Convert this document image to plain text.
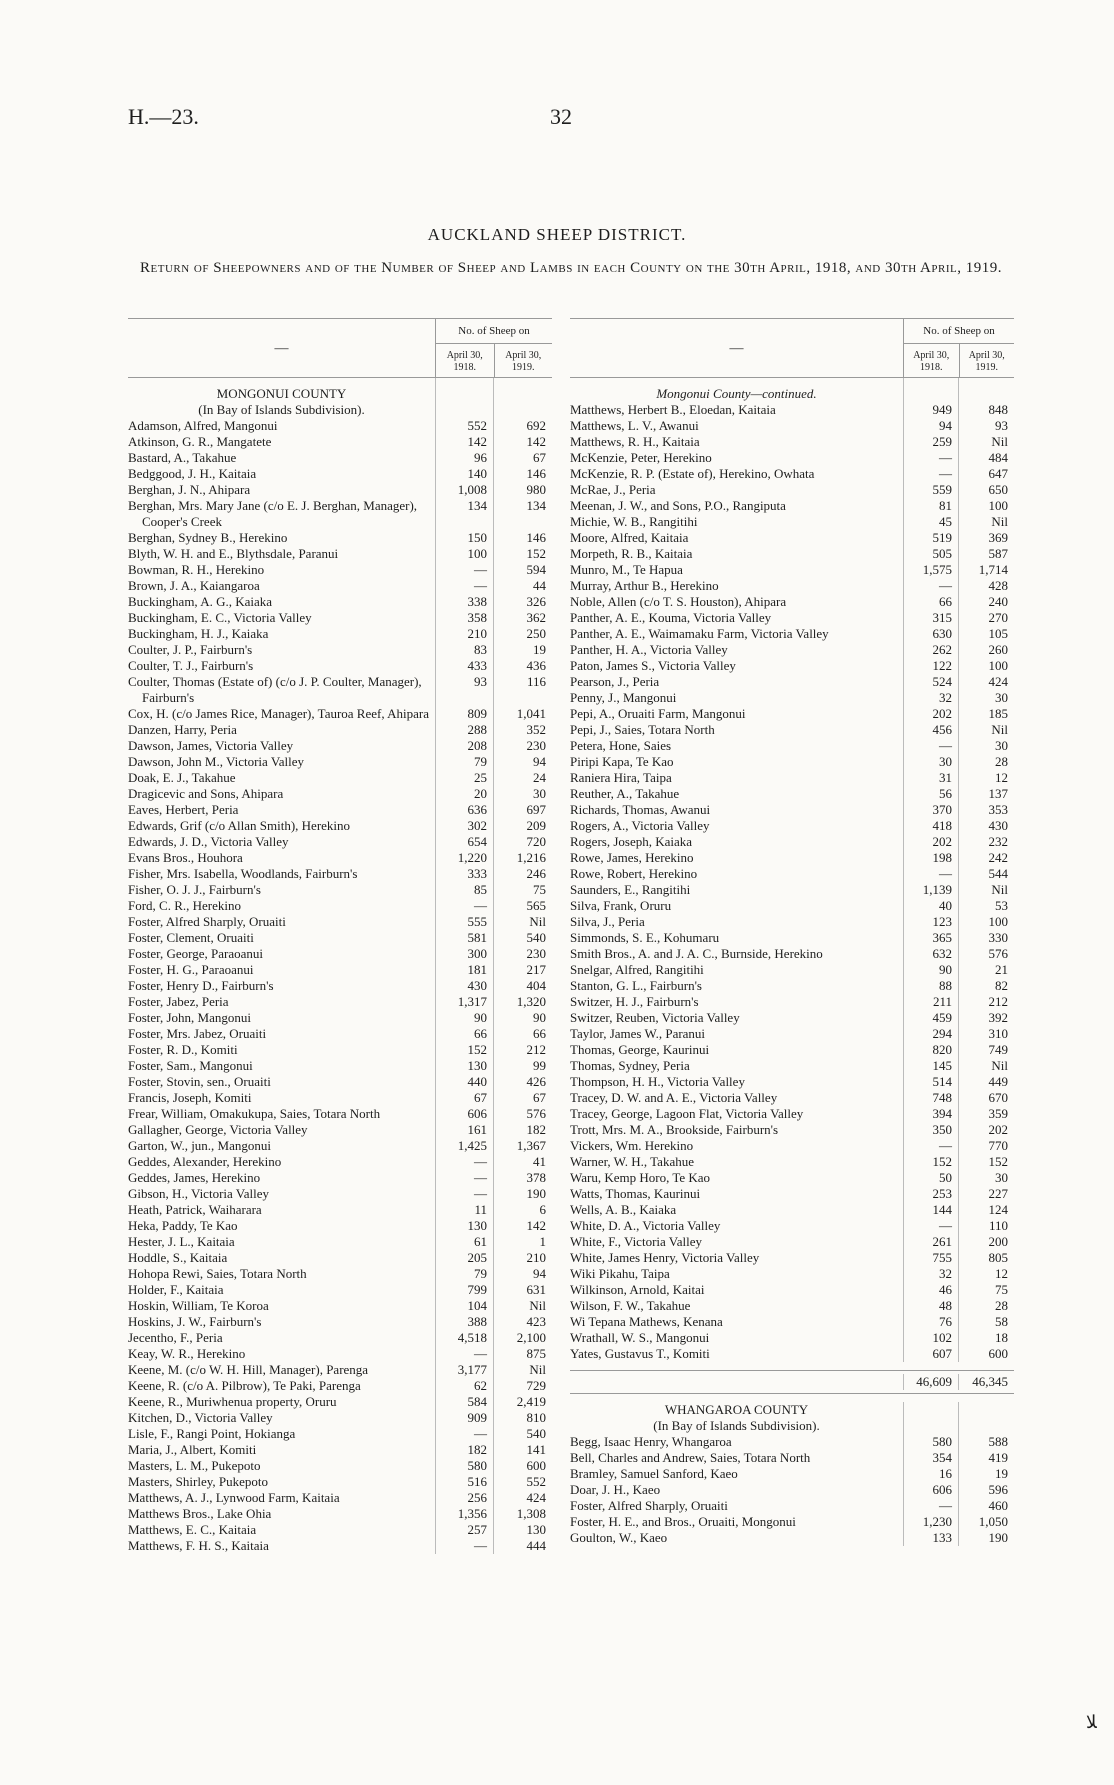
H.—23.	32
AUCKLAND SHEEP DISTRICT.
Return of Sheepowners and of the Number of Sheep and Lambs in each County on the 30th April, 1918, and 30th April, 1919.
—
No. of Sheep on
April 30, 1918.
April 30, 1919.
MONGONUI COUNTY
(In Bay of Islands Subdivision).
Adamson, Alfred, Mangonui	552	692
Atkinson, G. R., Mangatete	142	142
Bastard, A., Takahue	96	67
Bedggood, J. H., Kaitaia	140	146
Berghan, J. N., Ahipara	1,008	980
Berghan, Mrs. Mary Jane (c/o E. J. Berghan, Manager), Cooper's Creek
134	134
Berghan, Sydney B., Herekino	150	146
Blyth, W. H. and E., Blythsdale, Paranui	100	152
Bowman, R. H., Herekino	—	594
Brown, J. A., Kaiangaroa	—	44
Buckingham, A. G., Kaiaka	338	326
Buckingham, E. C., Victoria Valley	358	362
Buckingham, H. J., Kaiaka	210	250
Coulter, J. P., Fairburn's	83	19
Coulter, T. J., Fairburn's	433	436
Coulter, Thomas (Estate of) (c/o J. P. Coulter, Manager), Fairburn's
93	116
Cox, H. (c/o James Rice, Manager), Tauroa Reef, Ahipara	809	1,041
Danzen, Harry, Peria	288	352
Dawson, James, Victoria Valley	208	230
Dawson, John M., Victoria Valley	79	94
Doak, E. J., Takahue	25	24
Dragicevic and Sons, Ahipara	20	30
Eaves, Herbert, Peria	636	697
Edwards, Grif (c/o Allan Smith), Herekino	302	209
Edwards, J. D., Victoria Valley	654	720
Evans Bros., Houhora	1,220	1,216
Fisher, Mrs. Isabella, Woodlands, Fairburn's	333	246
Fisher, O. J. J., Fairburn's	85	75
Ford, C. R., Herekino	—	565
Foster, Alfred Sharply, Oruaiti	555	Nil
Foster, Clement, Oruaiti	581	540
Foster, George, Paraoanui	300	230
Foster, H. G., Paraoanui	181	217
Foster, Henry D., Fairburn's	430	404
Foster, Jabez, Peria	1,317	1,320
Foster, John, Mangonui	90	90
Foster, Mrs. Jabez, Oruaiti	66	66
Foster, R. D., Komiti	152	212
Foster, Sam., Mangonui	130	99
Foster, Stovin, sen., Oruaiti	440	426
Francis, Joseph, Komiti	67	67
Frear, William, Omakukupa, Saies, Totara North	606	576
Gallagher, George, Victoria Valley	161	182
Garton, W., jun., Mangonui	1,425	1,367
Geddes, Alexander, Herekino	—	41
Geddes, James, Herekino	—	378
Gibson, H., Victoria Valley	—	190
Heath, Patrick, Waiharara	11	6
Heka, Paddy, Te Kao	130	142
Hester, J. L., Kaitaia	61	1
Hoddle, S., Kaitaia	205	210
Hohopa Rewi, Saies, Totara North	79	94
Holder, F., Kaitaia	799	631
Hoskin, William, Te Koroa	104	Nil
Hoskins, J. W., Fairburn's	388	423
Jecentho, F., Peria	4,518	2,100
Keay, W. R., Herekino	—	875
Keene, M. (c/o W. H. Hill, Manager), Parenga	3,177	Nil
Keene, R. (c/o A. Pilbrow), Te Paki, Parenga	62	729
Keene, R., Muriwhenua property, Oruru	584	2,419
Kitchen, D., Victoria Valley	909	810
Lisle, F., Rangi Point, Hokianga	—	540
Maria, J., Albert, Komiti	182	141
Masters, L. M., Pukepoto	580	600
Masters, Shirley, Pukepoto	516	552
Matthews, A. J., Lynwood Farm, Kaitaia	256	424
Matthews Bros., Lake Ohia	1,356	1,308
Matthews, E. C., Kaitaia	257	130
Matthews, F. H. S., Kaitaia	—	444
—
No. of Sheep on
April 30, 1918.
April 30, 1919.
Mongonui County—continued.
Matthews, Herbert B., Eloedan, Kaitaia	949	848
Matthews, L. V., Awanui	94	93
Matthews, R. H., Kaitaia	259	Nil
McKenzie, Peter, Herekino	—	484
McKenzie, R. P. (Estate of), Herekino, Owhata	—	647
McRae, J., Peria	559	650
Meenan, J. W., and Sons, P.O., Rangiputa	81	100
Michie, W. B., Rangitihi	45	Nil
Moore, Alfred, Kaitaia	519	369
Morpeth, R. B., Kaitaia	505	587
Munro, M., Te Hapua	1,575	1,714
Murray, Arthur B., Herekino	—	428
Noble, Allen (c/o T. S. Houston), Ahipara	66	240
Panther, A. E., Kouma, Victoria Valley	315	270
Panther, A. E., Waimamaku Farm, Victoria Valley	630	105
Panther, H. A., Victoria Valley	262	260
Paton, James S., Victoria Valley	122	100
Pearson, J., Peria	524	424
Penny, J., Mangonui	32	30
Pepi, A., Oruaiti Farm, Mangonui	202	185
Pepi, J., Saies, Totara North	456	Nil
Petera, Hone, Saies	—	30
Piripi Kapa, Te Kao	30	28
Raniera Hira, Taipa	31	12
Reuther, A., Takahue	56	137
Richards, Thomas, Awanui	370	353
Rogers, A., Victoria Valley	418	430
Rogers, Joseph, Kaiaka	202	232
Rowe, James, Herekino	198	242
Rowe, Robert, Herekino	—	544
Saunders, E., Rangitihi	1,139	Nil
Silva, Frank, Oruru	40	53
Silva, J., Peria	123	100
Simmonds, S. E., Kohumaru	365	330
Smith Bros., A. and J. A. C., Burnside, Herekino	632	576
Snelgar, Alfred, Rangitihi	90	21
Stanton, G. L., Fairburn's	88	82
Switzer, H. J., Fairburn's	211	212
Switzer, Reuben, Victoria Valley	459	392
Taylor, James W., Paranui	294	310
Thomas, George, Kaurinui	820	749
Thomas, Sydney, Peria	145	Nil
Thompson, H. H., Victoria Valley	514	449
Tracey, D. W. and A. E., Victoria Valley	748	670
Tracey, George, Lagoon Flat, Victoria Valley	394	359
Trott, Mrs. M. A., Brookside, Fairburn's	350	202
Vickers, Wm. Herekino	—	770
Warner, W. H., Takahue	152	152
Waru, Kemp Horo, Te Kao	50	30
Watts, Thomas, Kaurinui	253	227
Wells, A. B., Kaiaka	144	124
White, D. A., Victoria Valley	—	110
White, F., Victoria Valley	261	200
White, James Henry, Victoria Valley	755	805
Wiki Pikahu, Taipa	32	12
Wilkinson, Arnold, Kaitai	46	75
Wilson, F. W., Takahue	48	28
Wi Tepana Mathews, Kenana	76	58
Wrathall, W. S., Mangonui	102	18
Yates, Gustavus T., Komiti	607	600
46,609	46,345
WHANGAROA COUNTY
(In Bay of Islands Subdivision).
Begg, Isaac Henry, Whangaroa	580	588
Bell, Charles and Andrew, Saies, Totara North	354	419
Bramley, Samuel Sanford, Kaeo	16	19
Doar, J. H., Kaeo	606	596
Foster, Alfred Sharply, Oruaiti	—	460
Foster, H. E., and Bros., Oruaiti, Mongonui	1,230	1,050
Goulton, W., Kaeo	133	190
ﻼ
